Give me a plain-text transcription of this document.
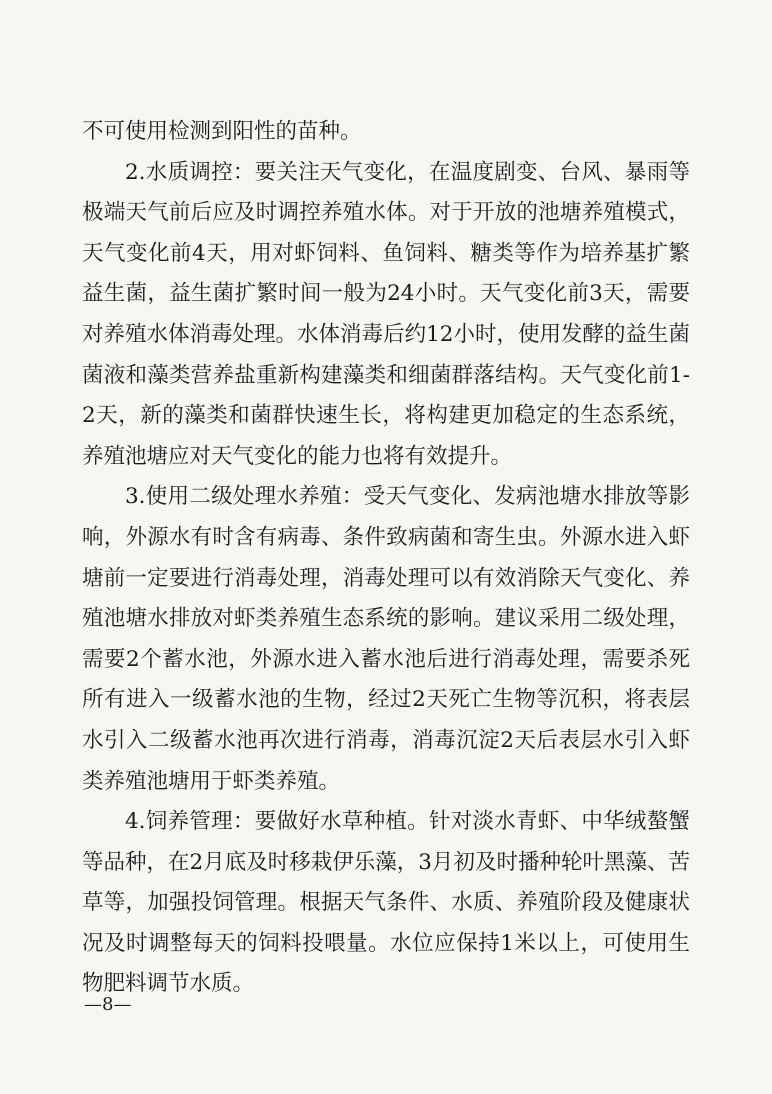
不可使用检测到阳性的苗种。

2.水质调控：要关注天气变化，在温度剧变、台风、暴雨等极端天气前后应及时调控养殖水体。对于开放的池塘养殖模式，天气变化前4天，用对虾饲料、鱼饲料、糖类等作为培养基扩繁益生菌，益生菌扩繁时间一般为24小时。天气变化前3天，需要对养殖水体消毒处理。水体消毒后约12小时，使用发酵的益生菌菌液和藻类营养盐重新构建藻类和细菌群落结构。天气变化前1-2天，新的藻类和菌群快速生长，将构建更加稳定的生态系统，养殖池塘应对天气变化的能力也将有效提升。

3.使用二级处理水养殖：受天气变化、发病池塘水排放等影响，外源水有时含有病毒、条件致病菌和寄生虫。外源水进入虾塘前一定要进行消毒处理，消毒处理可以有效消除天气变化、养殖池塘水排放对虾类养殖生态系统的影响。建议采用二级处理，需要2个蓄水池，外源水进入蓄水池后进行消毒处理，需要杀死所有进入一级蓄水池的生物，经过2天死亡生物等沉积，将表层水引入二级蓄水池再次进行消毒，消毒沉淀2天后表层水引入虾类养殖池塘用于虾类养殖。

4.饲养管理：要做好水草种植。针对淡水青虾、中华绒螯蟹等品种，在2月底及时移栽伊乐藻，3月初及时播种轮叶黑藻、苦草等，加强投饲管理。根据天气条件、水质、养殖阶段及健康状况及时调整每天的饲料投喂量。水位应保持1米以上，可使用生物肥料调节水质。

—8—
